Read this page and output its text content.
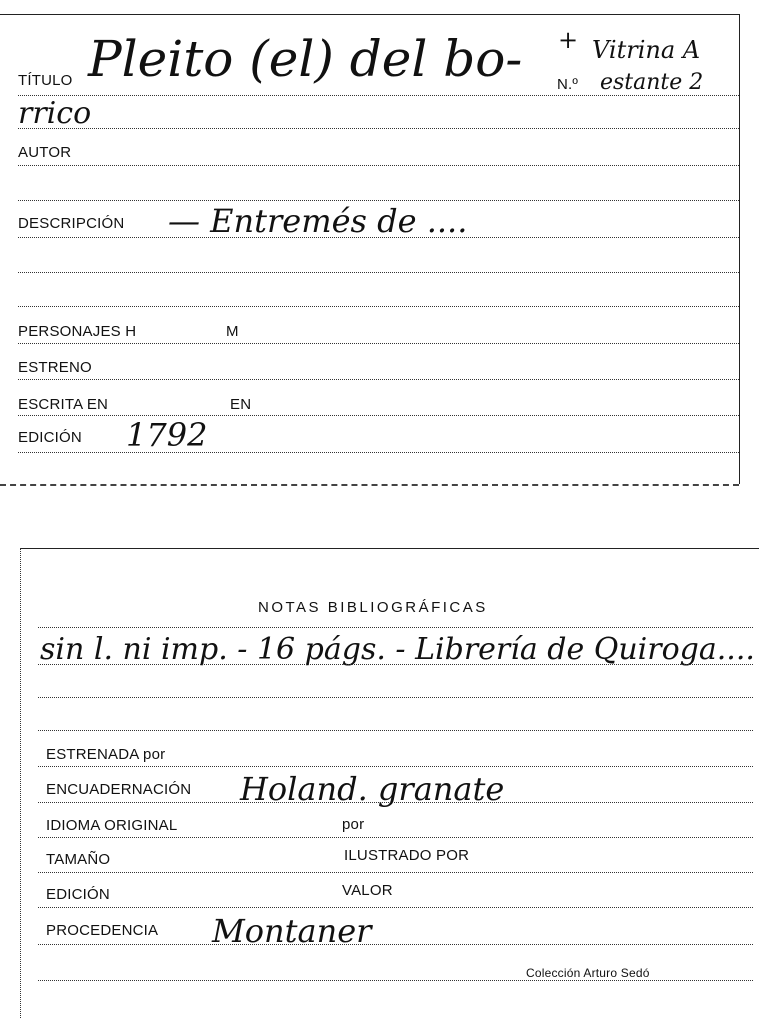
TÍTULO Pleito (el) del bo- + Vitrina A
N.º estante 2
rrico
AUTOR
DESCRIPCIÓN — Entremés de ....
PERSONAJES H	M
ESTRENO
ESCRITA EN	EN
EDICIÓN 1792
NOTAS BIBLIOGRÁFICAS
sin l. ni imp. - 16 págs. - Librería de Quiroga....
ESTRENADA por
ENCUADERNACIÓN Holand. granate
IDIOMA ORIGINAL	por
TAMAÑO	ILUSTRADO POR
EDICIÓN	VALOR
PROCEDENCIA Montaner
Colección Arturo Sedó
